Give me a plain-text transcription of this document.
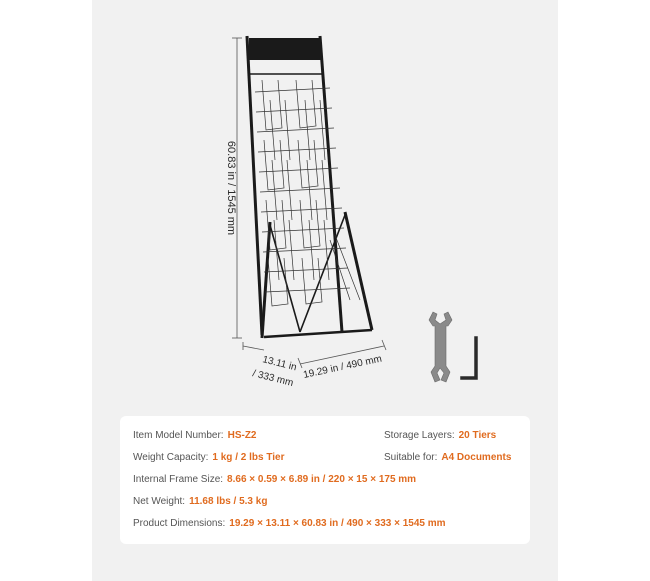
60.83 in / 1545 mm
13.11 in
/ 333 mm 19.29 in / 490 mm
Item Model Number: HS-Z2	Storage Layers: 20 Tiers
Weight Capacity: 1 kg / 2 lbs Tier	Suitable for: A4 Documents
Internal Frame Size: 8.66 × 0.59 × 6.89 in / 220 × 15 × 175 mm
Net Weight: 11.68 lbs / 5.3 kg
Product Dimensions: 19.29 × 13.11 × 60.83 in / 490 × 333 × 1545 mm
